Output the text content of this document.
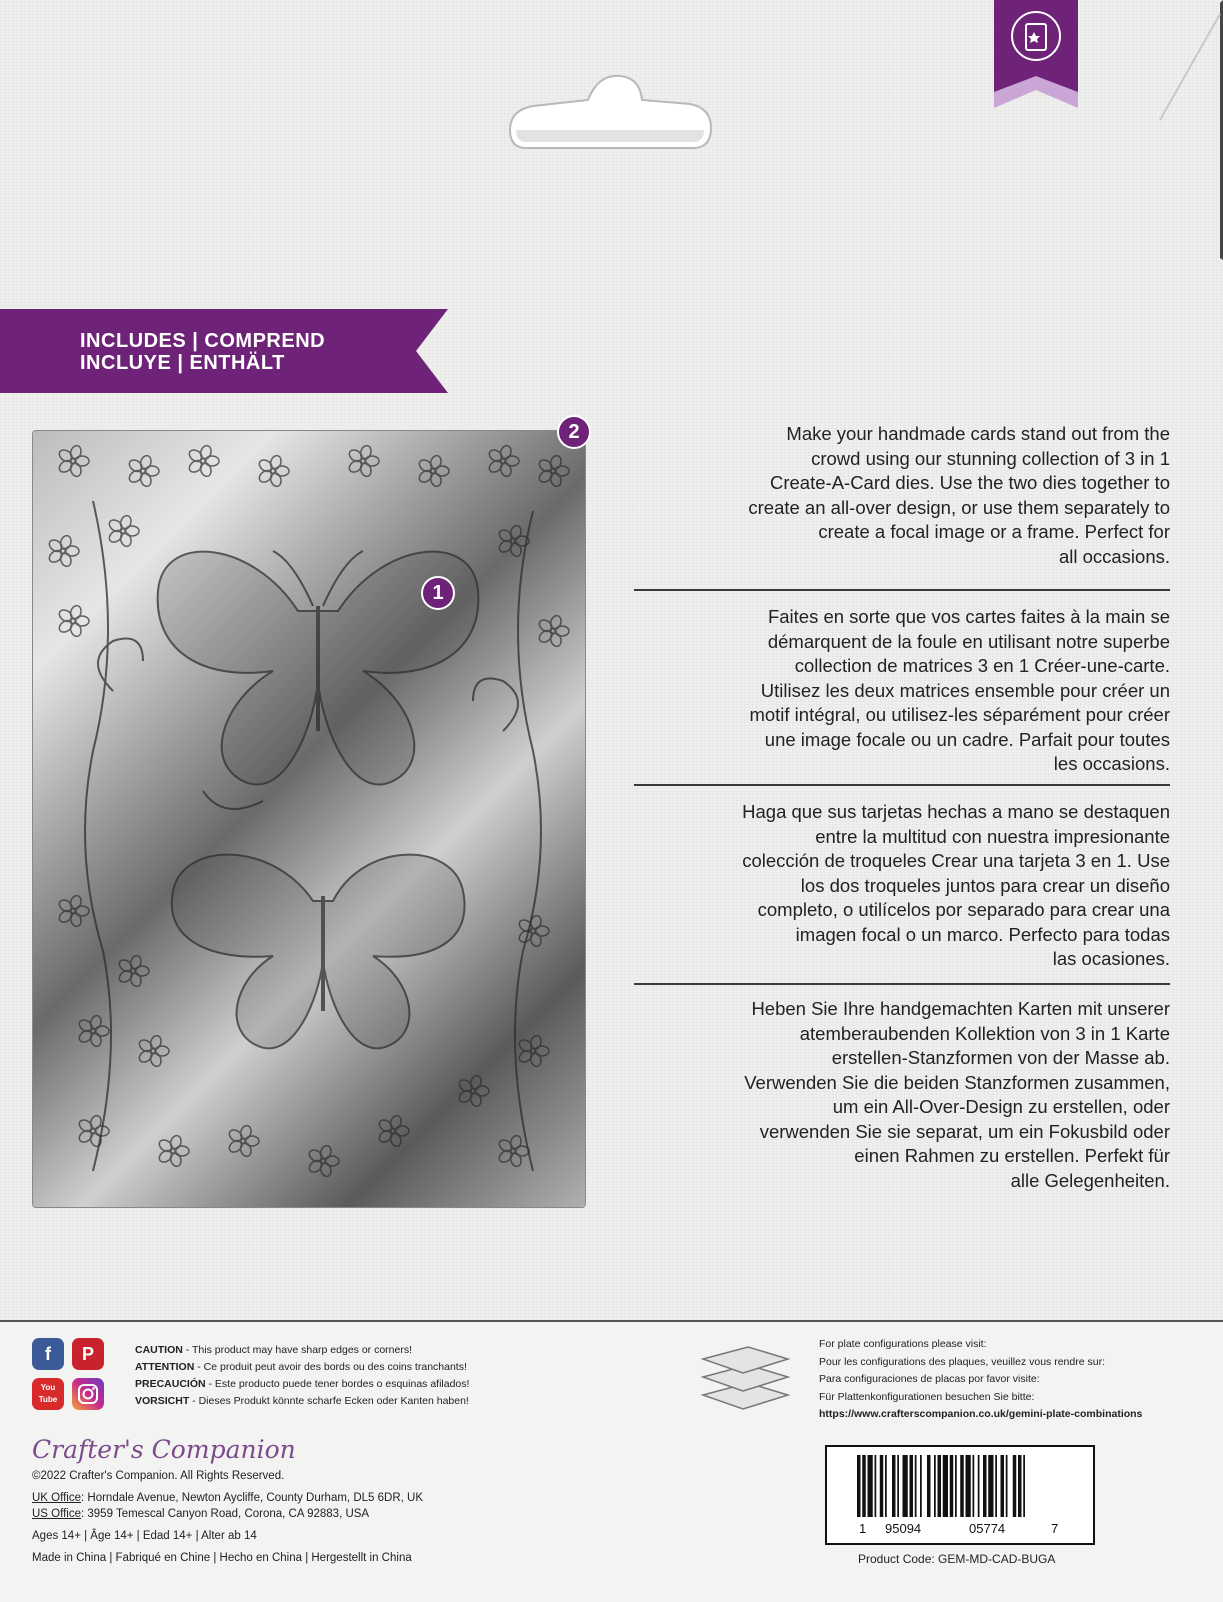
INCLUDES | COMPREND
INCLUYE | ENTHÄLT
1
2	Make your handmade cards stand out from the
crowd using our stunning collection of 3 in 1
Create-A-Card dies. Use the two dies together to
create an all-over design, or use them separately to
create a focal image or a frame. Perfect for
all occasions.
Faites en sorte que vos cartes faites à la main se
démarquent de la foule en utilisant notre superbe
collection de matrices 3 en 1 Créer-une-carte.
Utilisez les deux matrices ensemble pour créer un
motif intégral, ou utilisez-les séparément pour créer
une image focale ou un cadre. Parfait pour toutes
les occasions.
Haga que sus tarjetas hechas a mano se destaquen
entre la multitud con nuestra impresionante
colección de troqueles Crear una tarjeta 3 en 1. Use
los dos troqueles juntos para crear un diseño
completo, o utilícelos por separado para crear una
imagen focal o un marco. Perfecto para todas
las ocasiones.
Heben Sie Ihre handgemachten Karten mit unserer
atemberaubenden Kollektion von 3 in 1 Karte
erstellen-Stanzformen von der Masse ab.
Verwenden Sie die beiden Stanzformen zusammen,
um ein All-Over-Design zu erstellen, oder
verwenden Sie sie separat, um ein Fokusbild oder
einen Rahmen zu erstellen. Perfekt für
alle Gelegenheiten.
f	P
You Tube
CAUTION - This product may have sharp edges or corners!
ATTENTION - Ce produit peut avoir des bords ou des coins tranchants!
PRECAUCIÓN - Este producto puede tener bordes o esquinas afilados!
VORSICHT - Dieses Produkt könnte scharfe Ecken oder Kanten haben!
Crafter's Companion
©2022 Crafter's Companion. All Rights Reserved.
UK Office: Horndale Avenue, Newton Aycliffe, County Durham, DL5 6DR, UK
US Office: 3959 Temescal Canyon Road, Corona, CA 92883, USA
Ages 14+ | Âge 14+ | Edad 14+ | Alter ab 14
Made in China | Fabriqué en Chine | Hecho en China | Hergestellt in China
For plate configurations please visit:
Pour les configurations des plaques, veuillez vous rendre sur:
Para configuraciones de placas por favor visite:
Für Plattenkonfigurationen besuchen Sie bitte:
https://www.crafterscompanion.co.uk/gemini-plate-combinations
1 95094	05774	7
Product Code: GEM-MD-CAD-BUGA
